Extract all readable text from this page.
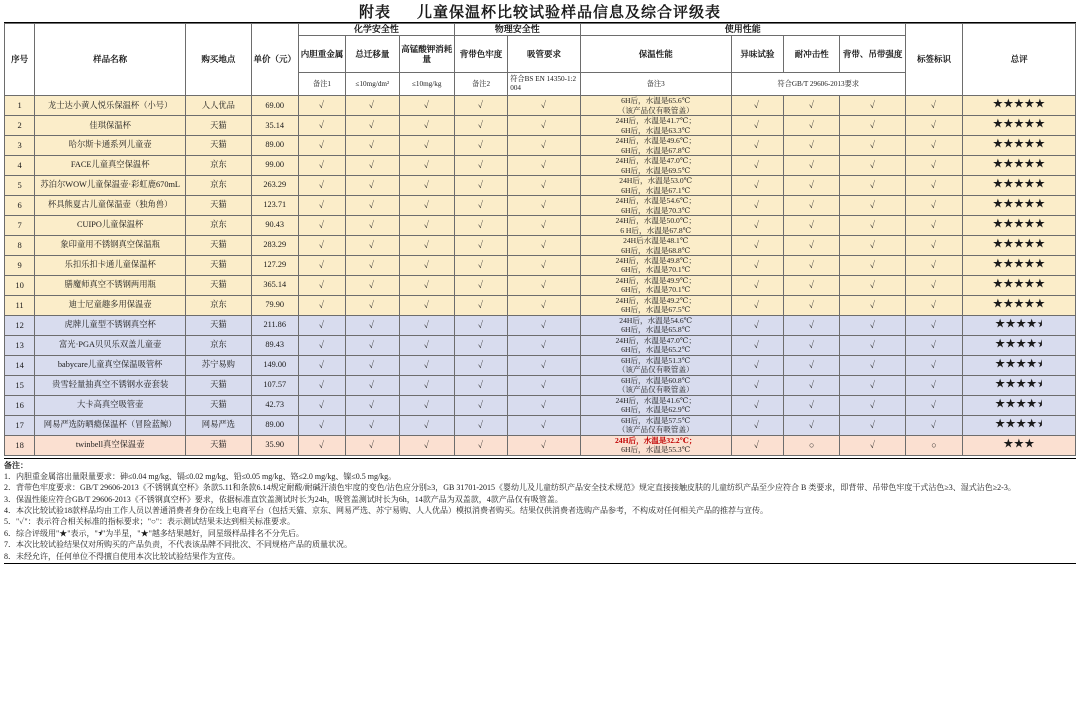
附表 儿童保温杯比较试验样品信息及综合评级表
序号	样品名称	购买地点	单价（元）	化学安全性			物理安全性		使用性能				标签标识	总评
				内胆重金属	总迁移量	高锰酸钾消耗量	背带色牢度	吸管要求	保温性能	异味试验	耐冲击性	背带、吊带强度		
				备注1	≤10mg/dm²	≤10mg/kg	备注2	符合BS EN 14350-1:2004	备注3	符合GB/T 29606-2013要求				
1	龙士达小黄人悦乐保温杯（小号）	人人优品	69.00	✓	✓	✓	✓	✓	6H后，水温是65.6℃
（该产品仅有吸管盖）	✓	✓	✓	✓	★★★★★
2	佳琪保温杯	天猫	35.14	✓	✓	✓	✓	✓	24H后，水温是41.7℃；
6H后，水温是63.3℃	✓	✓	✓	✓	★★★★★
3	哈尔斯卡通系列儿童壶	天猫	89.00	✓	✓	✓	✓	✓	24H后，水温是49.6℃；
6H后，水温是67.8℃	✓	✓	✓	✓	★★★★★
4	FACE儿童真空保温杯	京东	99.00	✓	✓	✓	✓	✓	24H后，水温是47.0℃；
6H后，水温是69.5℃	✓	✓	✓	✓	★★★★★
5	苏泊尔WOW儿童保温壶·彩虹鹿670mL	京东	263.29	✓	✓	✓	✓	✓	24H后，水温是53.0℃
6H后，水温是67.1℃	✓	✓	✓	✓	★★★★★
6	杯具熊夏古儿童保温壶（独角兽）	天猫	123.71	✓	✓	✓	✓	✓	24H后，水温是54.6℃；
6H后，水温是70.3℃	✓	✓	✓	✓	★★★★★
7	CUIPO儿童保温杯	京东	90.43	✓	✓	✓	✓	✓	24H后，水温是50.0℃；
6 H后，水温是67.8℃	✓	✓	✓	✓	★★★★★
8	象印童用不锈钢真空保温瓶	天猫	283.29	✓	✓	✓	✓	✓	24H后水温是48.1℃
6H后，水温是68.8℃	✓	✓	✓	✓	★★★★★
9	乐扣乐扣卡通儿童保温杯	天猫	127.29	✓	✓	✓	✓	✓	24H后，水温是49.8℃；
6H后，水温是70.1℃	✓	✓	✓	✓	★★★★★
10	膳魔师真空不锈钢两用瓶	天猫	365.14	✓	✓	✓	✓	✓	24H后，水温是49.9℃；
6H后，水温是70.1℃	✓	✓	✓	✓	★★★★★
11	迪士尼童趣多用保温壶	京东	79.90	✓	✓	✓	✓	✓	24H后，水温是49.2℃；
6H后，水温是67.5℃	✓	✓	✓	✓	★★★★★
12	虎牌儿童型不锈钢真空杯	天猫	211.86	✓	✓	✓	✓	✓	24H后，水温是54.6℃
6H后，水温是65.8℃	✓	✓	✓	✓	★★★★⯨
13	富光·PGA贝贝乐双盖儿童壶	京东	89.43	✓	✓	✓	✓	✓	24H后，水温是47.0℃；
6H后，水温是65.2℃	✓	✓	✓	✓	★★★★⯨
14	babycare儿童真空保温吸管杯	苏宁易购	149.00	✓	✓	✓	✓	✓	6H后，水温是51.3℃
（该产品仅有吸管盖）	✓	✓	✓	✓	★★★★⯨
15	贵雪轻量抽真空不锈钢水壶套装	天猫	107.57	✓	✓	✓	✓	✓	6H后，水温是60.8℃
（该产品仅有吸管盖）	✓	✓	✓	✓	★★★★⯨
16	大卡高真空吸管壶	天猫	42.73	✓	✓	✓	✓	✓	24H后，水温是41.6℃；
6H后，水温是62.9℃	✓	✓	✓	✓	★★★★⯨
17	网易严选防晒瘾保温杯（冒险蓝鲸）	网易严选	89.00	✓	✓	✓	✓	✓	6H后，水温是57.5℃
（该产品仅有吸管盖）	✓	✓	✓	✓	★★★★⯨
18	twinbell真空保温壶	天猫	35.90	✓	✓	✓	✓	✓	24H后，水温是32.2℃；
6H后，水温是55.3℃	✓	○	✓	○	★★★

备注：

1．内胆重金属溶出量限量要求：砷≤0.04 mg/kg、镉≤0.02 mg/kg、铅≤0.05 mg/kg、铬≤2.0 mg/kg、镍≤0.5 mg/kg。

2．背带色牢度要求：GB/T 29606-2013《不锈钢真空杯》条款5.11和条款6.14规定耐酸/耐碱汗渍色牢度的变色/沾色应分别≥3，GB 31701-2015《婴幼儿及儿童纺织产品安全技术规范》规定直接接触皮肤的儿童纺织产品至少应符合 B 类要求，即背带、吊带色牢度干式沾色≥3、湿式沾色≥2-3。

3．保温性能应符合GB/T 29606-2013《不锈钢真空杯》要求，依据标准直饮盖测试时长为24h，吸管盖测试时长为6h，14款产品为双盖款，4款产品仅有吸管盖。

4．本次比较试验18款样品均由工作人员以普通消费者身份在线上电商平台（包括天猫、京东、网易严选、苏宁易购、人人优品）模拟消费者购买。结果仅供消费者选购产品参考，不构成对任何相关产品的推荐与宣传。

5．"✓"：表示符合相关标准的指标要求；"○"：表示测试结果未达到相关标准要求。

6．综合评级用"★"表示，"⯨"为半星，"★"越多结果越好，同星级样品排名不分先后。

7．本次比较试验结果仅对所购买的产品负责，不代表该品牌不同批次、不同规格产品的质量状况。

8．未经允许，任何单位不得擅自使用本次比较试验结果作为宣传。
